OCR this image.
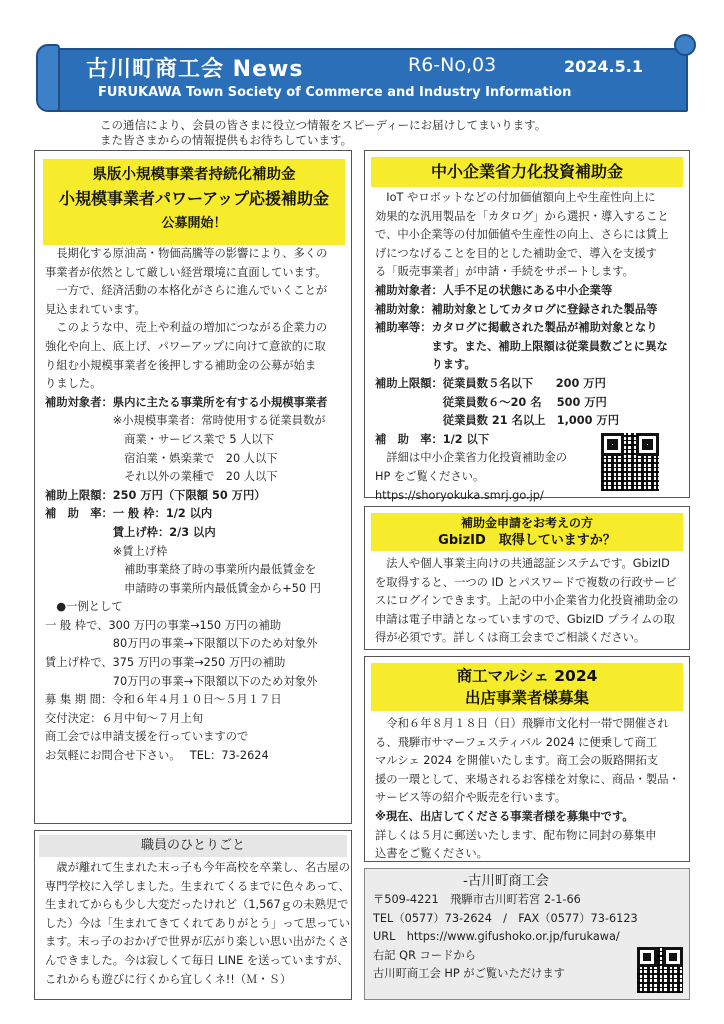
古川町商工会 News	R6-No,03	2024.5.1
FURUKAWA Town Society of Commerce and Industry Information
この通信により、会員の皆さまに役立つ情報をスピーディーにお届けしてまいります。
また皆さまからの情報提供もお待ちしています。
県版小規模事業者持続化補助金
小規模事業者パワーアップ応援補助金
公募開始！
　長期化する原油高・物価高騰等の影響により、多くの
事業者が依然として厳しい経営環境に直面しています。
　一方で、経済活動の本格化がさらに進んでいくことが
見込まれています。
　このような中、売上や利益の増加につながる企業力の
強化や向上、底上げ、パワーアップに向けて意欲的に取
り組む小規模事業者を後押しする補助金の公募が始ま
りました。
補助対象者：県内に主たる事業所を有する小規模事業者
　　　　　　※小規模事業者：常時使用する従業員数が
　　　　　　　商業・サービス業で 5 人以下
　　　　　　　宿泊業・娯楽業で　20 人以下
　　　　　　　それ以外の業種で　20 人以下
補助上限額：250 万円（下限額 50 万円）
補　助　率：一 般 枠：1/2 以内
　　　　　　賃上げ枠：2/3 以内
　　　　　　※賃上げ枠
　　　　　　　補助事業終了時の事業所内最低賃金を
　　　　　　　申請時の事業所内最低賃金から+50 円
　●一例として
一 般 枠で、300 万円の事業→150 万円の補助
　　　　　　80万円の事業→下限額以下のため対象外
賃上げ枠で、375 万円の事業→250 万円の補助
　　　　　　70万円の事業→下限額以下のため対象外
募 集 期 間：令和６年４月１０日～５月１７日
交付決定：６月中旬～７月上旬
商工会では申請支援を行っていますので
お気軽にお問合せ下さい。　 TEL：73-2624
中小企業省力化投資補助金
　IoT やロボットなどの付加価値額向上や生産性向上に
効果的な汎用製品を「カタログ」から選択・導入すること
で、中小企業等の付加価値や生産性の向上、さらには賃上
げにつなげることを目的とした補助金で、導入を支援す
る「販売事業者」が申請・手続をサポートします。
補助対象者：人手不足の状態にある中小企業等
補助対象：補助対象としてカタログに登録された製品等
補助率等：カタログに掲載された製品が補助対象となり
　　　　　ます。また、補助上限額は従業員数ごとに異な
　　　　　ります。
補助上限額：従業員数５名以下　　200 万円
　　　　　　従業員数６～20 名　 500 万円
　　　　　　従業員数 21 名以上　1,000 万円
補　助　率：1/2 以下
　詳細は中小企業省力化投資補助金の
HP をご覧ください。
https://shoryokuka.smrj.go.jp/
補助金申請をお考えの方
GbizID　取得していますか？
　法人や個人事業主向けの共通認証システムです。GbizID
を取得すると、一つの ID とパスワードで複数の行政サービ
スにログインできます。上記の中小企業省力化投資補助金の
申請は電子申請となっていますので、GbizID プライムの取
得が必須です。詳しくは商工会までご相談ください。
商工マルシェ 2024
出店事業者様募集
　令和６年８月１８日（日）飛騨市文化村一帯で開催され
る、飛騨市サマーフェスティバル 2024 に便乗して商工
マルシェ 2024 を開催いたします。商工会の販路開拓支
援の一環として、来場されるお客様を対象に、商品・製品・
サービス等の紹介や販売を行います。
※現在、出店してくださる事業者様を募集中です。
詳しくは５月に郵送いたします、配布物に同封の募集申
込書をご覧ください。
職員のひとりごと
　歳が離れて生まれた末っ子も今年高校を卒業し、名古屋の
専門学校に入学しました。生まれてくるまでに色々あって、
生まれてからも少し大変だったけれど（1,567ｇの未熟児で
した）今は「生まれてきてくれてありがとう」って思ってい
ます。末っ子のおかげで世界が広がり楽しい思い出がたくさ
んできました。今は寂しくて毎日 LINE を送っていますが、
これからも遊びに行くから宜しくネ!!（Ｍ・Ｓ）
-古川町商工会
〒509-4221　飛騨市古川町若宮 2-1-66
TEL（0577）73-2624　/　FAX（0577）73-6123
URL　https://www.gifushoko.or.jp/furukawa/
右記 QR コードから
古川町商工会 HP がご覧いただけます
